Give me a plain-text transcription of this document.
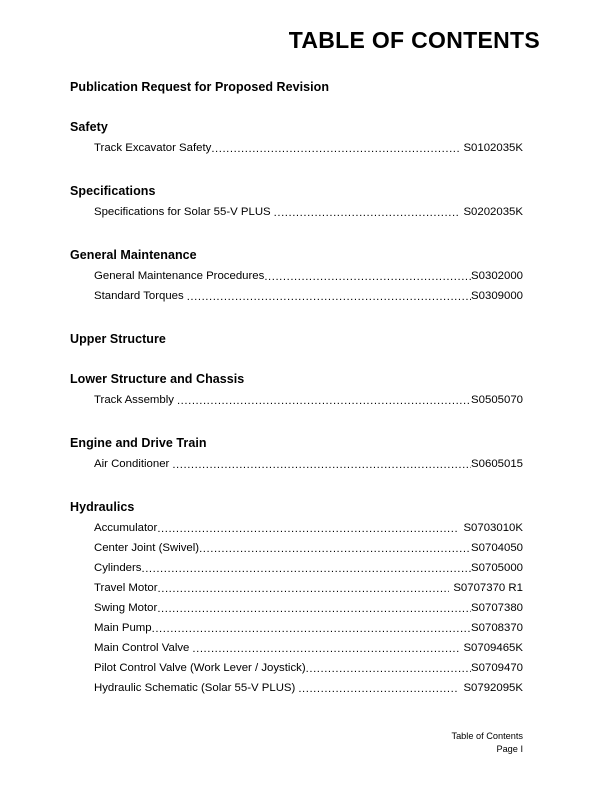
TABLE OF CONTENTS
Publication Request for Proposed Revision
Safety
Track Excavator Safety .....	S0102035K
Specifications
Specifications for Solar 55-V PLUS .....	S0202035K
General Maintenance
General Maintenance Procedures .....	S0302000
Standard Torques .....	S0309000
Upper Structure
Lower Structure and Chassis
Track Assembly .....	S0505070
Engine and Drive Train
Air Conditioner .....	S0605015
Hydraulics
Accumulator .....	S0703010K
Center Joint (Swivel) .....	S0704050
Cylinders .....	S0705000
Travel Motor .....	S0707370 R1
Swing Motor .....	S0707380
Main Pump .....	S0708370
Main Control Valve .....	S0709465K
Pilot Control Valve (Work Lever / Joystick) .....	S0709470
Hydraulic Schematic (Solar 55-V PLUS) .....	S0792095K
Table of Contents
Page I
